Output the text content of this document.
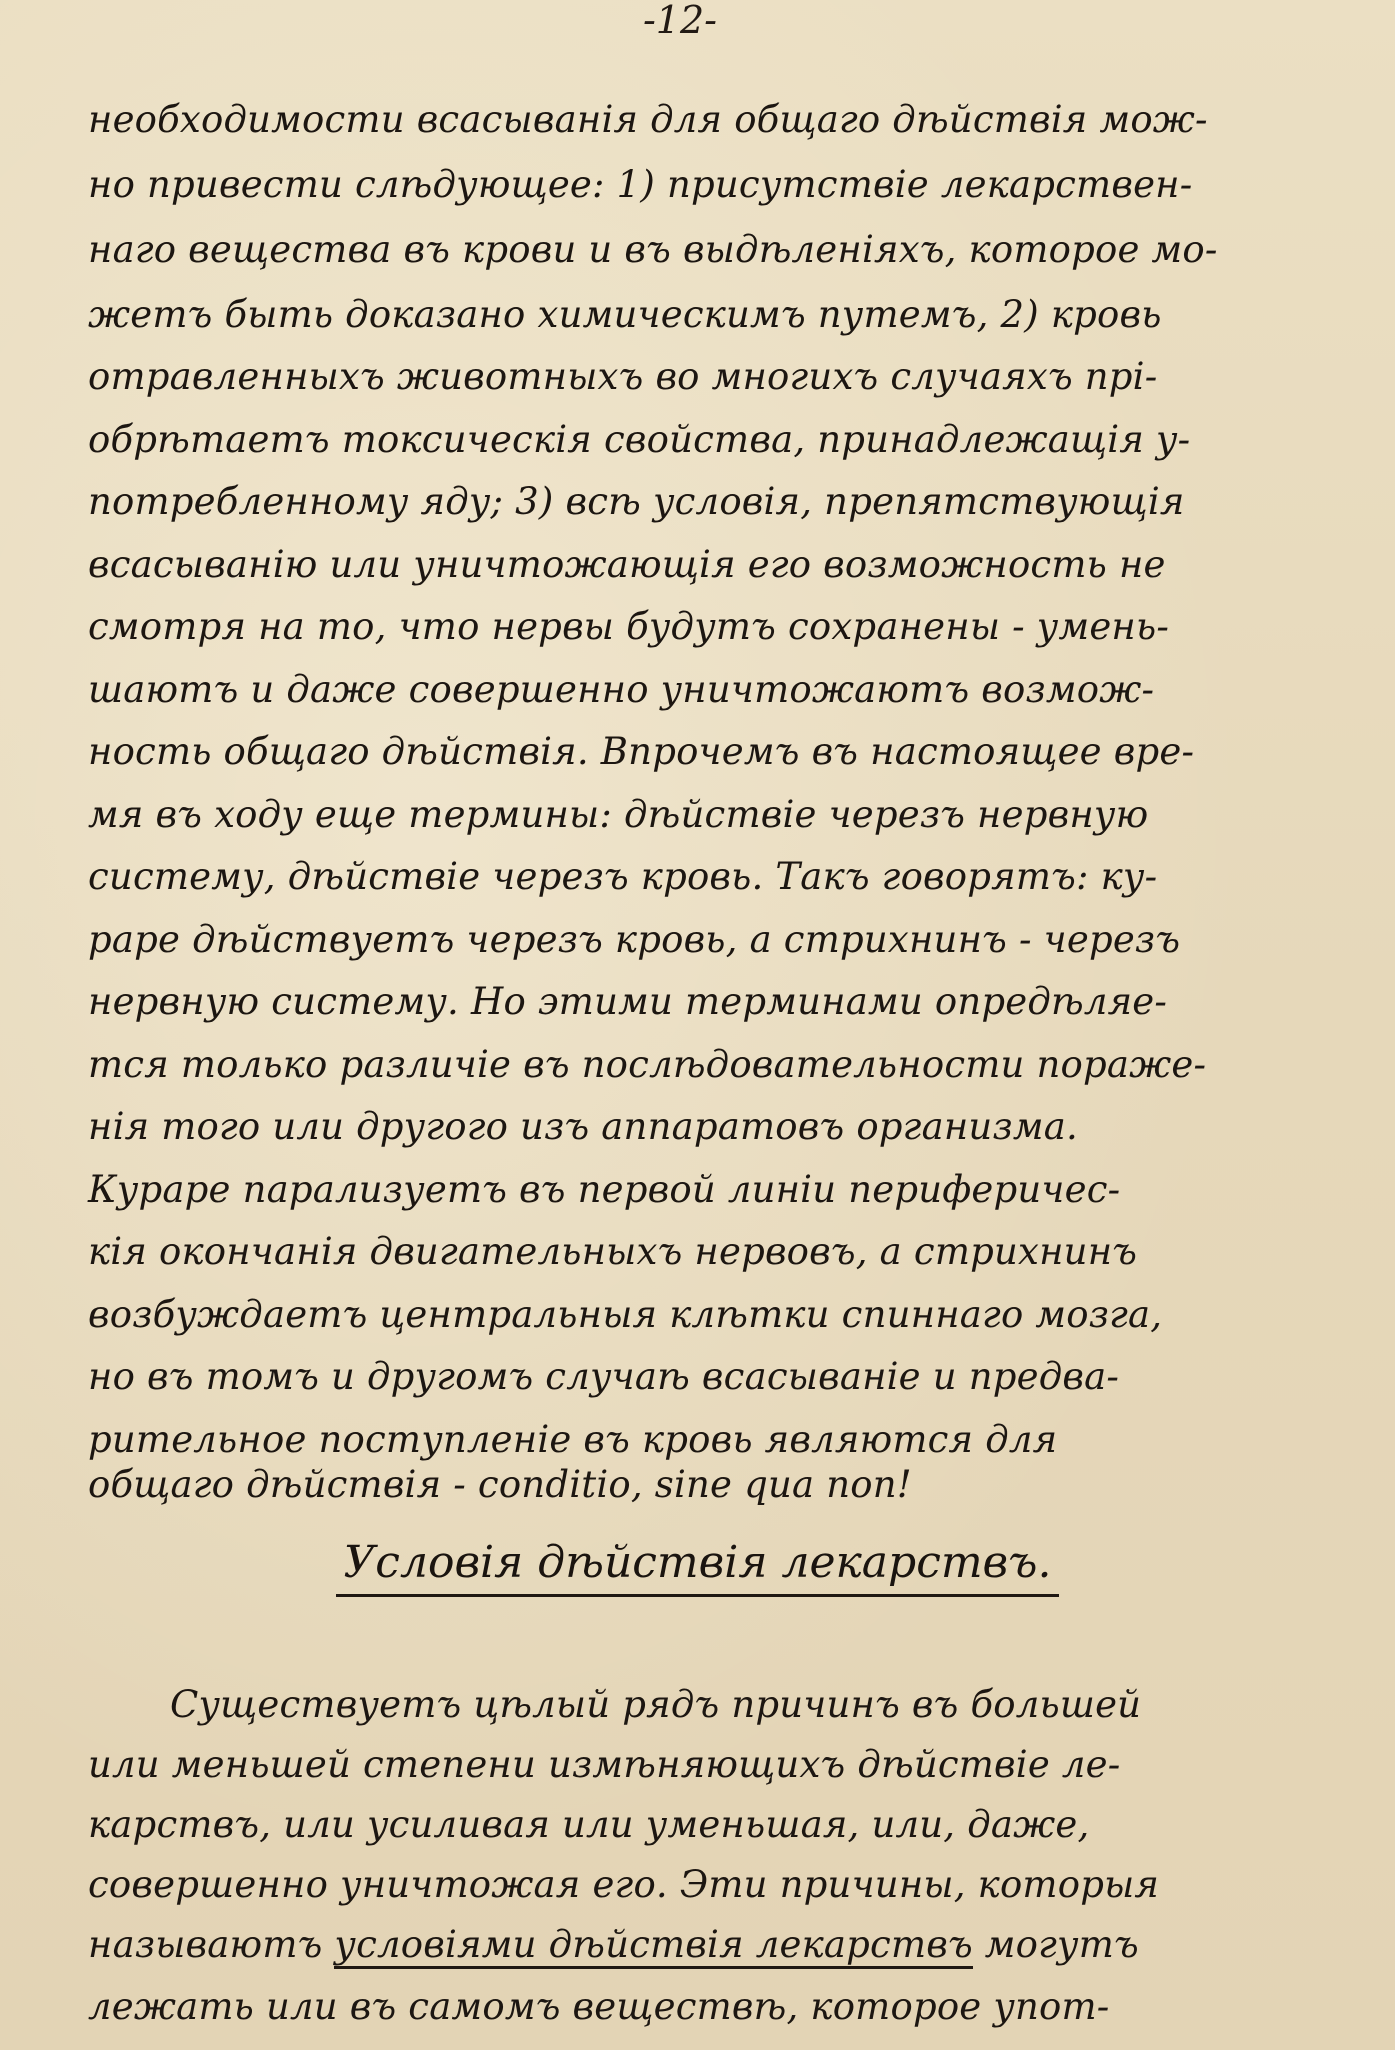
-12-
необходимости всасыванія для общаго дѣйствія мож-
но привести слѣдующее: 1) присутствіе лекарствен-
наго вещества въ крови и въ выдѣленіяхъ, которое мо-
жетъ быть доказано химическимъ путемъ, 2) кровь
отравленныхъ животныхъ во многихъ случаяхъ прі-
обрѣтаетъ токсическія свойства, принадлежащія у-
потребленному яду; 3) всѣ условія, препятствующія
всасыванію или уничтожающія его возможность не
смотря на то, что нервы будутъ сохранены - умень-
шаютъ и даже совершенно уничтожаютъ возмож-
ность общаго дѣйствія. Впрочемъ въ настоящее вре-
мя въ ходу еще термины: дѣйствіе черезъ нервную
систему, дѣйствіе черезъ кровь. Такъ говорятъ: ку-
раре дѣйствуетъ черезъ кровь, а стрихнинъ - черезъ
нервную систему. Но этими терминами опредѣляе-
тся только различіе въ послѣдовательности пораже-
нія того или другого изъ аппаратовъ организма.
Кураре парализуетъ въ первой линіи периферичес-
кія окончанія двигательныхъ нервовъ, а стрихнинъ
возбуждаетъ центральныя клѣтки спиннаго мозга,
но въ томъ и другомъ случаѣ всасываніе и предва-
рительное поступленіе въ кровь являются для
общаго дѣйствія - conditio, sine qua non!
Условія дѣйствія лекарствъ.
Существуетъ цѣлый рядъ причинъ въ большей
или меньшей степени измѣняющихъ дѣйствіе ле-
карствъ, или усиливая или уменьшая, или, даже,
совершенно уничтожая его. Эти причины, которыя
называютъ условіями дѣйствія лекарствъ могутъ
лежать или въ самомъ веществѣ, которое упот-
